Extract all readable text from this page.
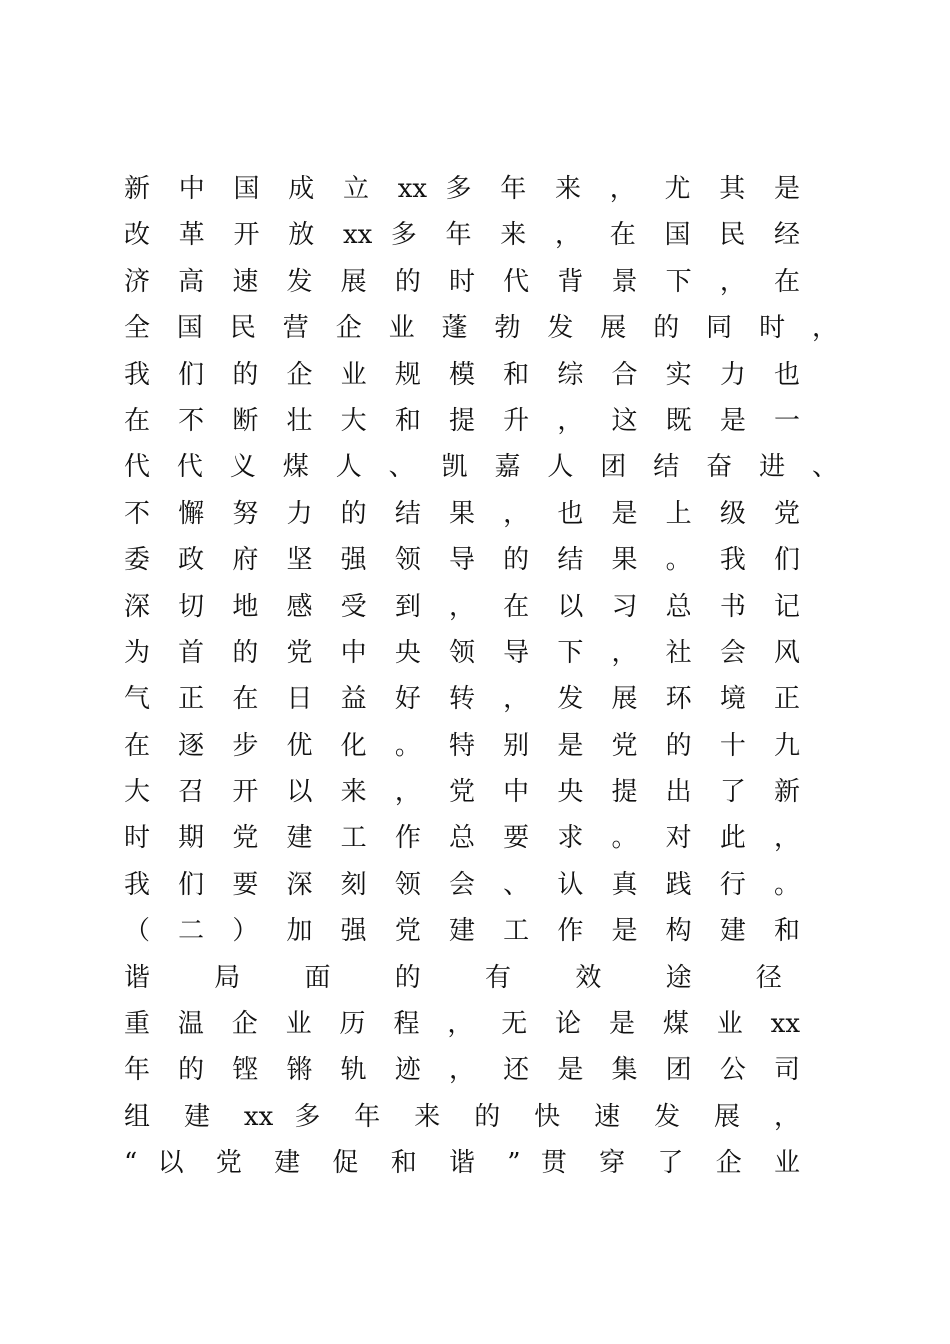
新 中 国 成 立 xx 多 年 来 ， 尤 其 是
改 革 开 放 xx 多 年 来 ， 在 国 民 经
济 高 速 发 展 的 时 代 背 景 下 ， 在
全 国 民 营 企 业 蓬 勃 发 展 的 同 时 ，
我 们 的 企 业 规 模 和 综 合 实 力 也
在 不 断 壮 大 和 提 升 ， 这 既 是 一
代 代 义 煤 人 、 凯 嘉 人 团 结 奋 进 、
不 懈 努 力 的 结 果 ， 也 是 上 级 党
委 政 府 坚 强 领 导 的 结 果 。 我 们
深 切 地 感 受 到 ， 在 以 习 总 书 记
为 首 的 党 中 央 领 导 下 ， 社 会 风
气 正 在 日 益 好 转 ， 发 展 环 境 正
在 逐 步 优 化 。 特 别 是 党 的 十 九
大 召 开 以 来 ， 党 中 央 提 出 了 新
时 期 党 建 工 作 总 要 求 。 对 此 ，
我 们 要 深 刻 领 会 、 认 真 践 行 。
（ 二 ） 加 强 党 建 工 作 是 构 建 和
谐 局 面 的 有 效 途 径
重 温 企 业 历 程 ， 无 论 是 煤 业 xx
年 的 铿 锵 轨 迹 ， 还 是 集 团 公 司
组 建 xx 多 年 来 的 快 速 发 展 ，
“ 以 党 建 促 和 谐 ” 贯 穿 了 企 业
